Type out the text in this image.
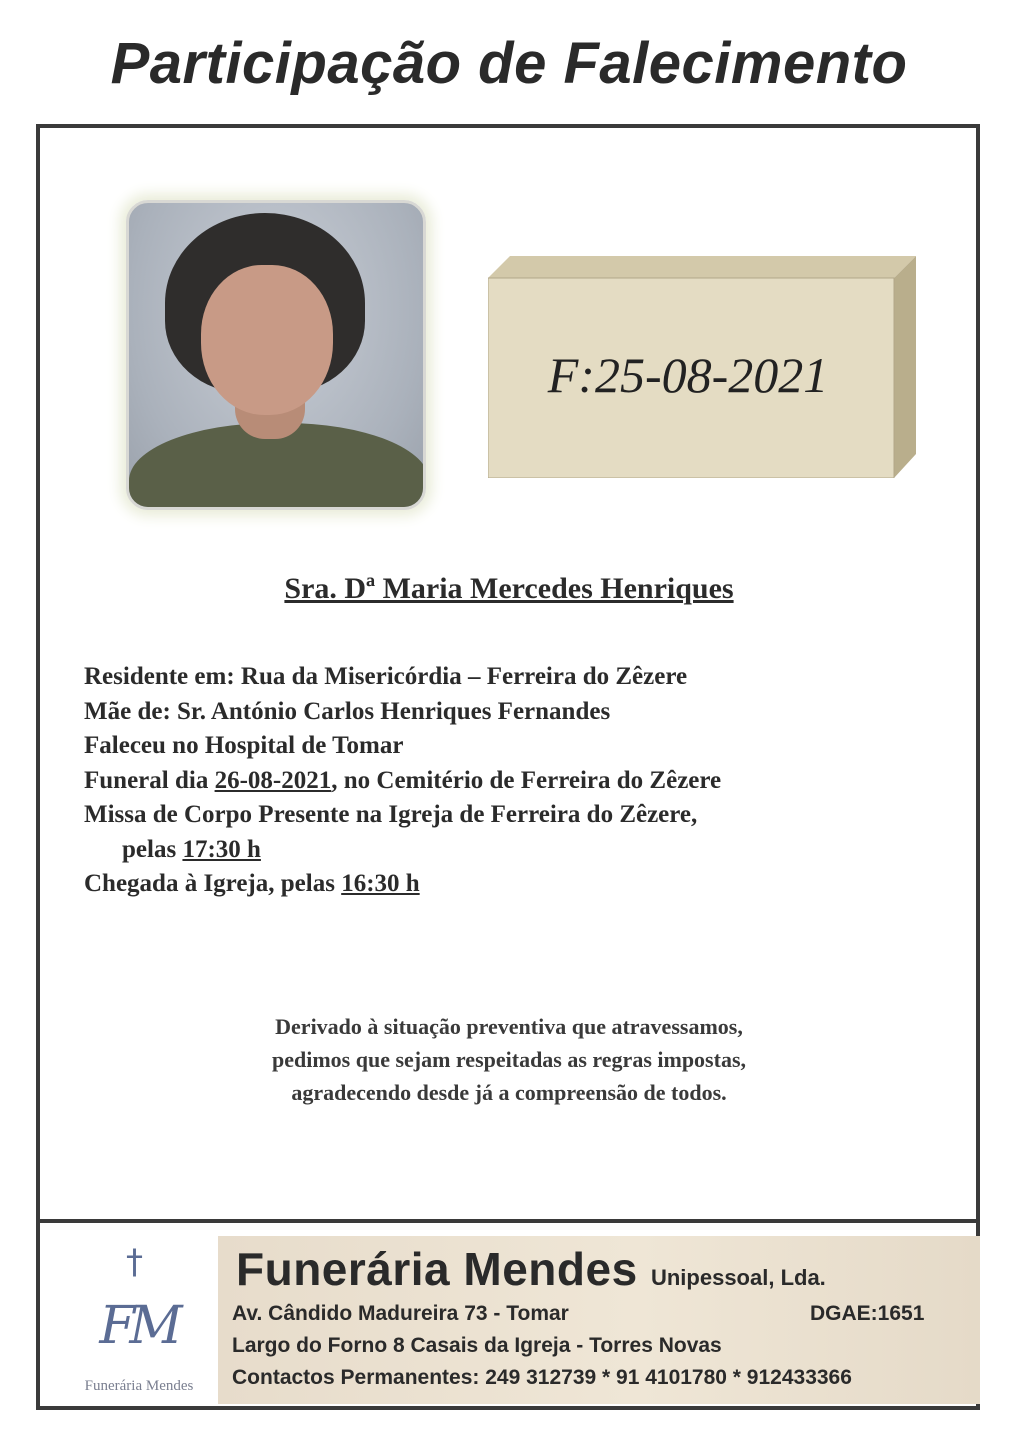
Participação de Falecimento
F:25-08-2021
Sra. Dª Maria Mercedes Henriques
Residente em: Rua da Misericórdia – Ferreira do Zêzere
Mãe de: Sr. António Carlos Henriques Fernandes
Faleceu no Hospital de Tomar
Funeral dia 26-08-2021, no Cemitério de Ferreira do Zêzere
Missa de Corpo Presente na Igreja de Ferreira do Zêzere,
pelas 17:30 h
Chegada à Igreja, pelas 16:30 h
Derivado à situação preventiva que atravessamos,
pedimos que sejam respeitadas as regras impostas,
agradecendo desde já a compreensão de todos.
†
FM
Funerária Mendes
Funerária Mendes Unipessoal, Lda.
Av. Cândido Madureira 73 - Tomar	DGAE:1651
Largo do Forno 8 Casais da Igreja - Torres Novas
Contactos Permanentes: 249 312739 * 91 4101780 * 912433366
